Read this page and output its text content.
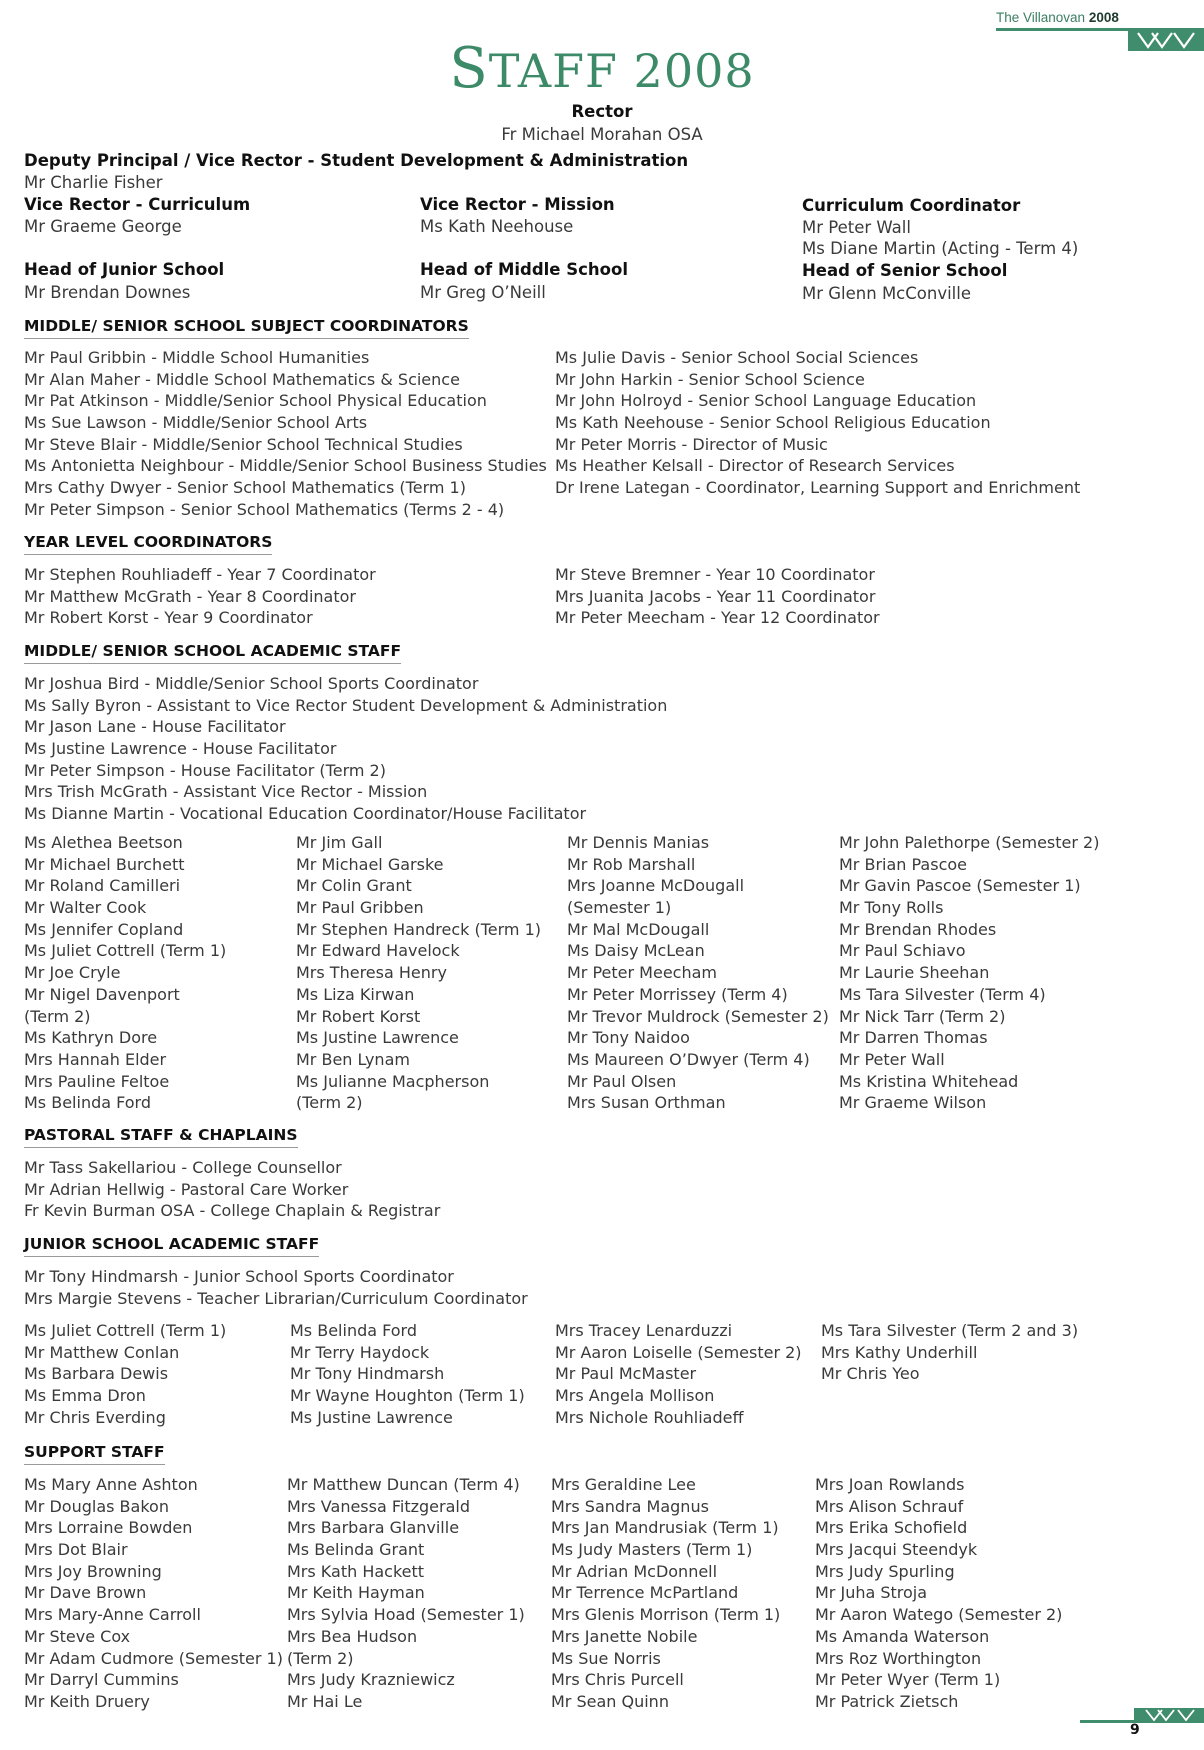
The Villanovan 2008
STAFF 2008
Rector
Fr Michael Morahan OSA
Deputy Principal / Vice Rector - Student Development & Administration
Mr Charlie Fisher
Vice Rector - Curriculum
Mr Graeme George
Vice Rector - Mission
Ms Kath Neehouse
Curriculum Coordinator
Mr Peter Wall
Ms Diane Martin (Acting - Term 4)
Head of Junior School
Mr Brendan Downes
Head of Middle School
Mr Greg O’Neill
Head of Senior School
Mr Glenn McConville
MIDDLE/ SENIOR SCHOOL SUBJECT COORDINATORS
Mr Paul Gribbin - Middle School Humanities
Mr Alan Maher - Middle School Mathematics & Science
Mr Pat Atkinson - Middle/Senior School Physical Education
Ms Sue Lawson - Middle/Senior School Arts
Mr Steve Blair - Middle/Senior School Technical Studies
Ms Antonietta Neighbour - Middle/Senior School Business Studies
Mrs Cathy Dwyer - Senior School Mathematics (Term 1)
Mr Peter Simpson - Senior School Mathematics (Terms 2 - 4)
Ms Julie Davis - Senior School Social Sciences
Mr John Harkin - Senior School Science
Mr John Holroyd - Senior School Language Education
Ms Kath Neehouse - Senior School Religious Education
Mr Peter Morris - Director of Music
Ms Heather Kelsall - Director of Research Services
Dr Irene Lategan - Coordinator, Learning Support and Enrichment
YEAR LEVEL COORDINATORS
Mr Stephen Rouhliadeff - Year 7 Coordinator
Mr Matthew McGrath - Year 8 Coordinator
Mr Robert Korst - Year 9 Coordinator
Mr Steve Bremner - Year 10 Coordinator
Mrs Juanita Jacobs - Year 11 Coordinator
Mr Peter Meecham - Year 12 Coordinator
MIDDLE/ SENIOR SCHOOL ACADEMIC STAFF
Mr Joshua Bird - Middle/Senior School Sports Coordinator
Ms Sally Byron - Assistant to Vice Rector Student Development & Administration
Mr Jason Lane - House Facilitator
Ms Justine Lawrence - House Facilitator
Mr Peter Simpson - House Facilitator (Term 2)
Mrs Trish McGrath - Assistant Vice Rector - Mission
Ms Dianne Martin - Vocational Education Coordinator/House Facilitator
Ms Alethea Beetson
Mr Michael Burchett
Mr Roland Camilleri
Mr Walter Cook
Ms Jennifer Copland
Ms Juliet Cottrell (Term 1)
Mr Joe Cryle
Mr Nigel Davenport
(Term 2)
Ms Kathryn Dore
Mrs Hannah Elder
Mrs Pauline Feltoe
Ms Belinda Ford
Mr Jim Gall
Mr Michael Garske
Mr Colin Grant
Mr Paul Gribben
Mr Stephen Handreck (Term 1)
Mr Edward Havelock
Mrs Theresa Henry
Ms Liza Kirwan
Mr Robert Korst
Ms Justine Lawrence
Mr Ben Lynam
Ms Julianne Macpherson
(Term 2)
Mr Dennis Manias
Mr Rob Marshall
Mrs Joanne McDougall
(Semester 1)
Mr Mal McDougall
Ms Daisy McLean
Mr Peter Meecham
Mr Peter Morrissey (Term 4)
Mr Trevor Muldrock (Semester 2)
Mr Tony Naidoo
Ms Maureen O’Dwyer (Term 4)
Mr Paul Olsen
Mrs Susan Orthman
Mr John Palethorpe (Semester 2)
Mr Brian Pascoe
Mr Gavin Pascoe (Semester 1)
Mr Tony Rolls
Mr Brendan Rhodes
Mr Paul Schiavo
Mr Laurie Sheehan
Ms Tara Silvester (Term 4)
Mr Nick Tarr (Term 2)
Mr Darren Thomas
Mr Peter Wall
Ms Kristina Whitehead
Mr Graeme Wilson
PASTORAL STAFF & CHAPLAINS
Mr Tass Sakellariou - College Counsellor
Mr Adrian Hellwig - Pastoral Care Worker
Fr Kevin Burman OSA - College Chaplain & Registrar
JUNIOR SCHOOL ACADEMIC STAFF
Mr Tony Hindmarsh - Junior School Sports Coordinator
Mrs Margie Stevens - Teacher Librarian/Curriculum Coordinator
Ms Juliet Cottrell (Term 1)
Mr Matthew Conlan
Ms Barbara Dewis
Ms Emma Dron
Mr Chris Everding
Ms Belinda Ford
Mr Terry Haydock
Mr Tony Hindmarsh
Mr Wayne Houghton (Term 1)
Ms Justine Lawrence
Mrs Tracey Lenarduzzi
Mr Aaron Loiselle (Semester 2)
Mr Paul McMaster
Mrs Angela Mollison
Mrs Nichole Rouhliadeff
Ms Tara Silvester (Term 2 and 3)
Mrs Kathy Underhill
Mr Chris Yeo
SUPPORT STAFF
Ms Mary Anne Ashton
Mr Douglas Bakon
Mrs Lorraine Bowden
Mrs Dot Blair
Mrs Joy Browning
Mr Dave Brown
Mrs Mary-Anne Carroll
Mr Steve Cox
Mr Adam Cudmore (Semester 1)
Mr Darryl Cummins
Mr Keith Druery
Mr Matthew Duncan (Term 4)
Mrs Vanessa Fitzgerald
Mrs Barbara Glanville
Ms Belinda Grant
Mrs Kath Hackett
Mr Keith Hayman
Mrs Sylvia Hoad (Semester 1)
Mrs Bea Hudson
(Term 2)
Mrs Judy Krazniewicz
Mr Hai Le
Mrs Geraldine Lee
Mrs Sandra Magnus
Mrs Jan Mandrusiak (Term 1)
Ms Judy Masters (Term 1)
Mr Adrian McDonnell
Mr Terrence McPartland
Mrs Glenis Morrison (Term 1)
Mrs Janette Nobile
Ms Sue Norris
Mrs Chris Purcell
Mr Sean Quinn
Mrs Joan Rowlands
Mrs Alison Schrauf
Mrs Erika Schofield
Mrs Jacqui Steendyk
Mrs Judy Spurling
Mr Juha Stroja
Mr Aaron Watego (Semester 2)
Ms Amanda Waterson
Mrs Roz Worthington
Mr Peter Wyer (Term 1)
Mr Patrick Zietsch
9
